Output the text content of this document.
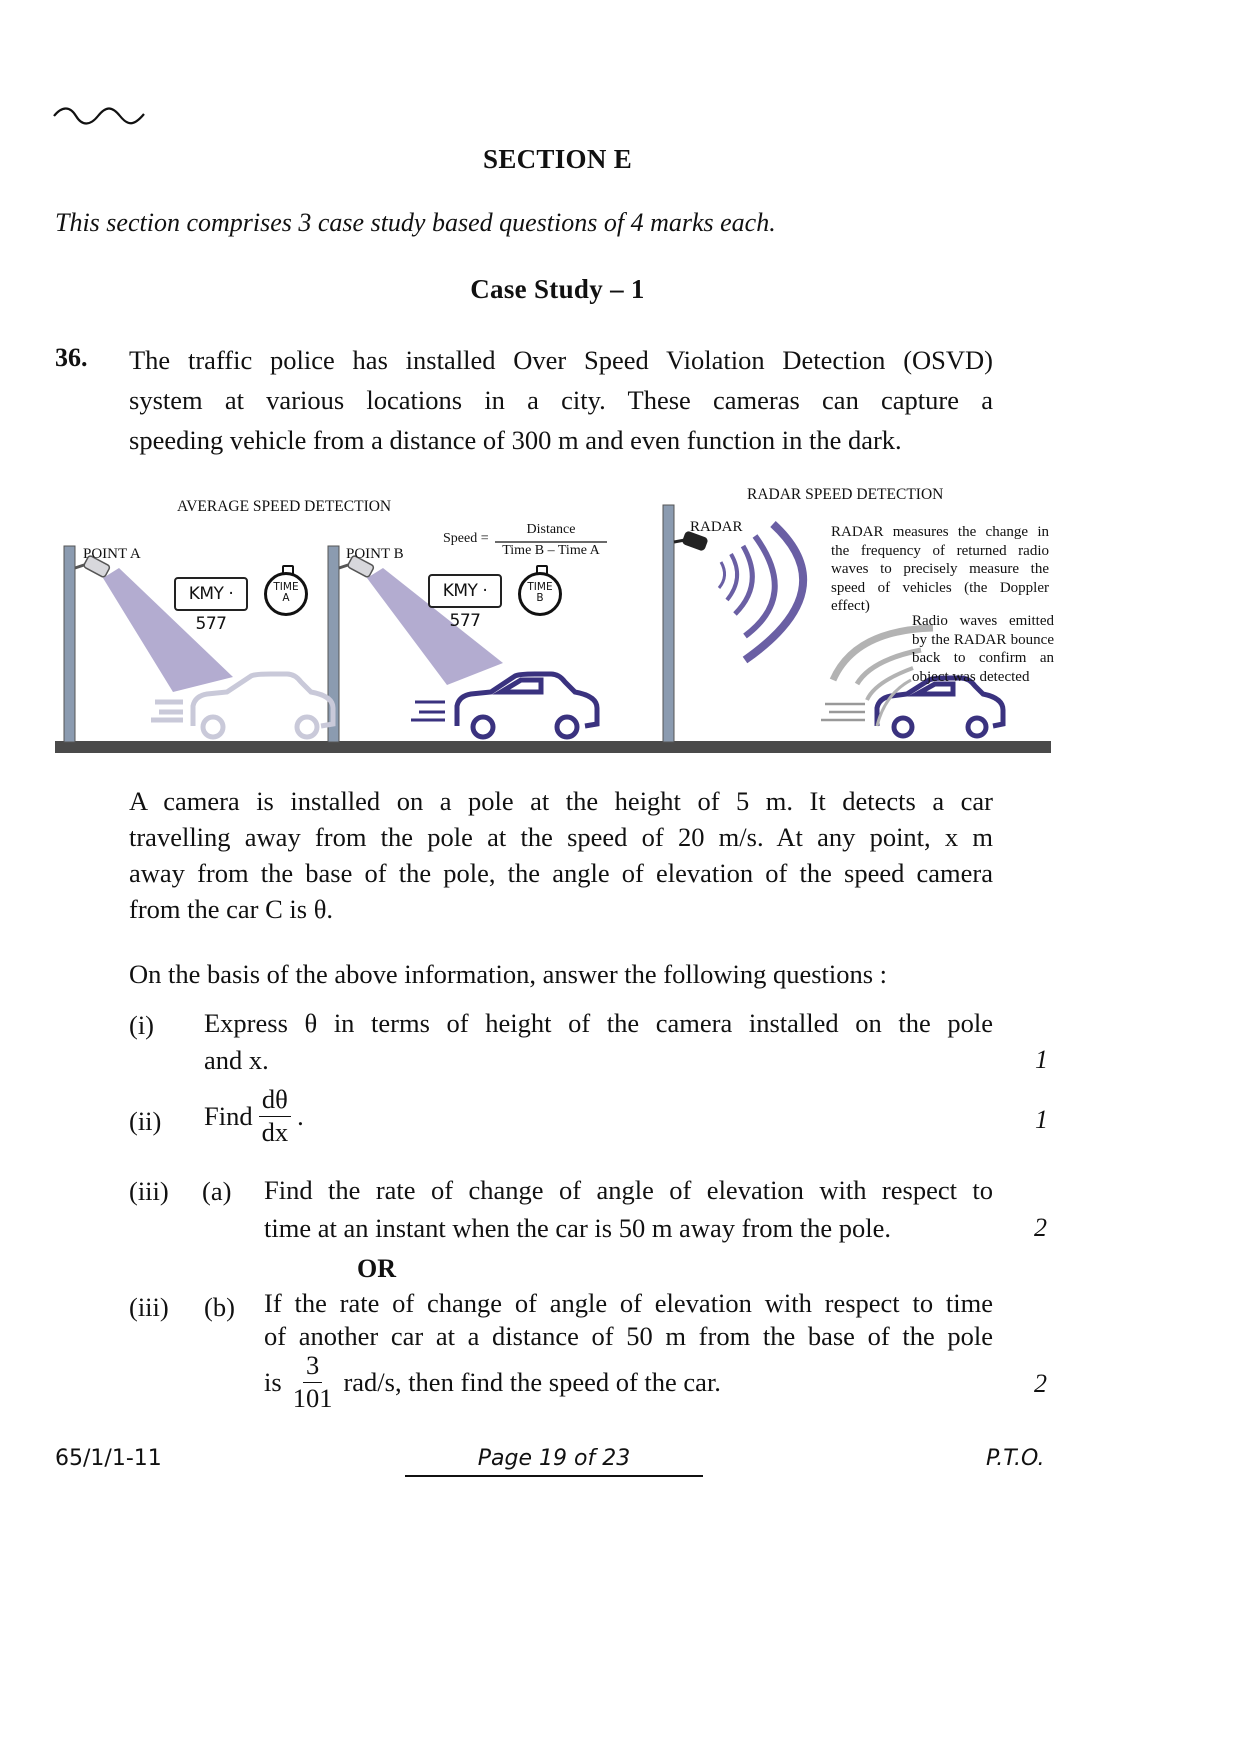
SECTION E
This section comprises 3 case study based questions of 4 marks each.
Case Study – 1
36. The traffic police has installed Over Speed Violation Detection (OSVD)
system at various locations in a city. These cameras can capture a
speeding vehicle from a distance of 300 m and even function in the dark.
AVERAGE SPEED DETECTION
POINT A	POINT B
KMY · 577
KMY · 577
TIME
A
TIME
B
Speed =
Distance
Time B – Time A
RADAR SPEED DETECTION
RADAR	RADAR measures the change in
the frequency of returned radio
waves to precisely measure the
speed of vehicles (the Doppler
effect)
Radio waves emitted
by the RADAR bounce
back to confirm an
object was detected
A camera is installed on a pole at the height of 5 m. It detects a car
travelling away from the pole at the speed of 20 m/s. At any point, x m
away from the base of the pole, the angle of elevation of the speed camera
from the car C is θ.
On the basis of the above information, answer the following questions :
(i) Express θ in terms of height of the camera installed on the pole
and x.	1
(ii) Find $\frac{d\theta}{dx}$ .	1
(iii) (a) Find the rate of change of angle of elevation with respect to
time at an instant when the car is 50 m away from the pole.	2
OR
(iii) (b) If the rate of change of angle of elevation with respect to time
of another car at a distance of 50 m from the base of the pole
is $\frac{3}{101} rad/s$, then find the speed of the car.	2
65/1/1-11	Page 19 of 23	P.T.O.
